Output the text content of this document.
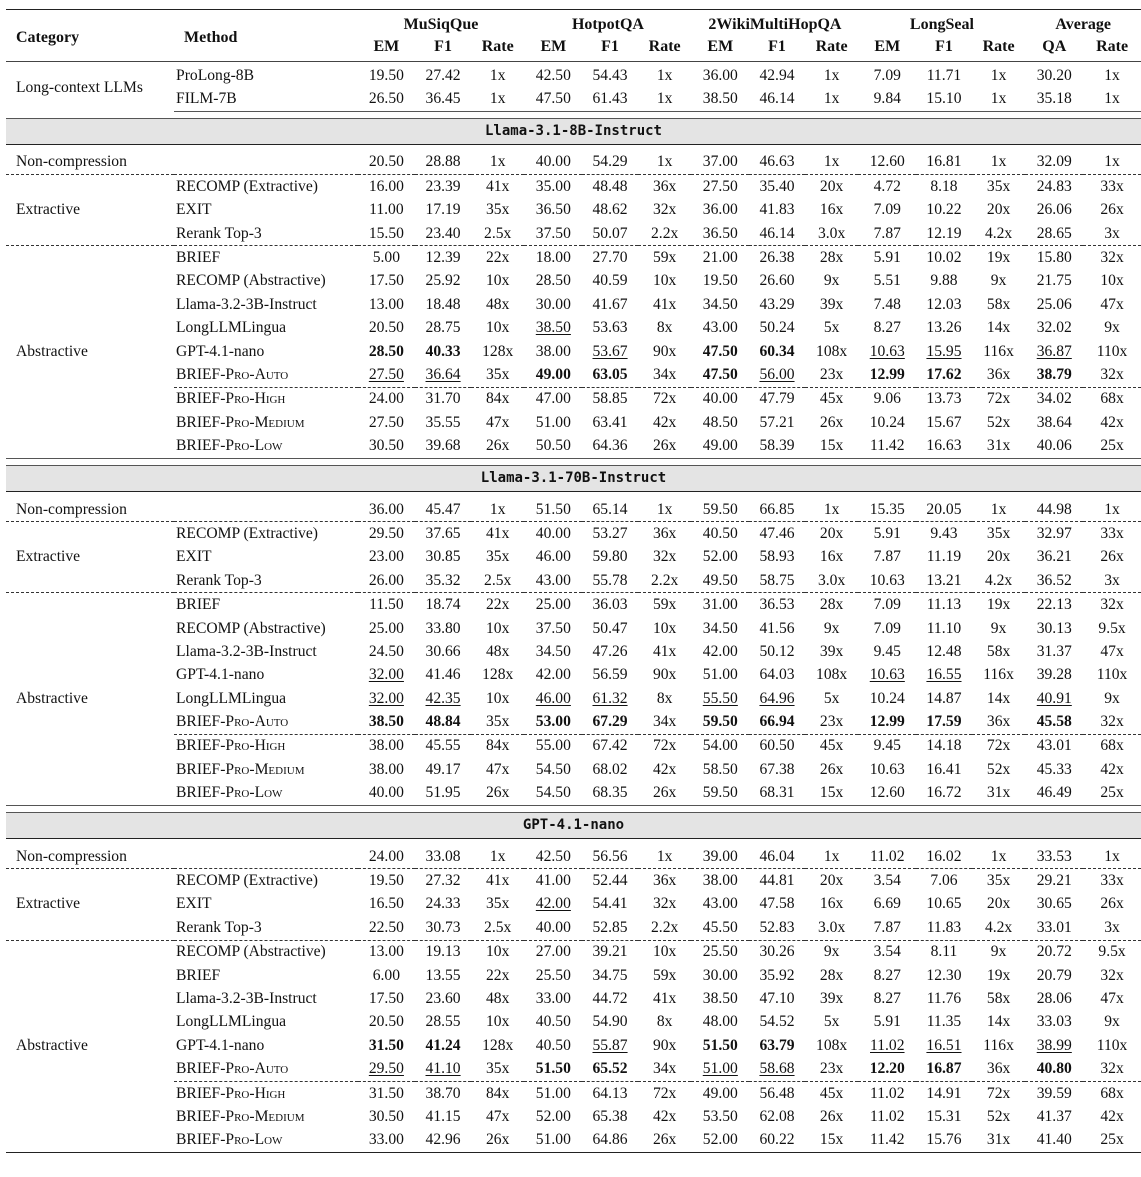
Category	Method	MuSiqQue			HotpotQA			2WikiMultiHopQA			LongSeal			Average	
		EM	F1	Rate	EM	F1	Rate	EM	F1	Rate	EM	F1	Rate	QA	Rate
Long-context LLMs	ProLong-8B	19.50	27.42	1x	42.50	54.43	1x	36.00	42.94	1x	7.09	11.71	1x	30.20	1x
	FILM-7B	26.50	36.45	1x	47.50	61.43	1x	38.50	46.14	1x	9.84	15.10	1x	35.18	1x

Llama-3.1-8B-Instruct															

Non-compression		20.50	28.88	1x	40.00	54.29	1x	37.00	46.63	1x	12.60	16.81	1x	32.09	1x
Extractive	RECOMP (Extractive)	16.00	23.39	41x	35.00	48.48	36x	27.50	35.40	20x	4.72	8.18	35x	24.83	33x
	EXIT	11.00	17.19	35x	36.50	48.62	32x	36.00	41.83	16x	7.09	10.22	20x	26.06	26x
	Rerank Top-3	15.50	23.40	2.5x	37.50	50.07	2.2x	36.50	46.14	3.0x	7.87	12.19	4.2x	28.65	3x
Abstractive	BRIEF	5.00	12.39	22x	18.00	27.70	59x	21.00	26.38	28x	5.91	10.02	19x	15.80	32x
	RECOMP (Abstractive)	17.50	25.92	10x	28.50	40.59	10x	19.50	26.60	9x	5.51	9.88	9x	21.75	10x
	Llama-3.2-3B-Instruct	13.00	18.48	48x	30.00	41.67	41x	34.50	43.29	39x	7.48	12.03	58x	25.06	47x
	LongLLMLingua	20.50	28.75	10x	38.50	53.63	8x	43.00	50.24	5x	8.27	13.26	14x	32.02	9x
	GPT-4.1-nano	28.50	40.33	128x	38.00	53.67	90x	47.50	60.34	108x	10.63	15.95	116x	36.87	110x
	BRIEF-Pro-Auto	27.50	36.64	35x	49.00	63.05	34x	47.50	56.00	23x	12.99	17.62	36x	38.79	32x
	BRIEF-Pro-High	24.00	31.70	84x	47.00	58.85	72x	40.00	47.79	45x	9.06	13.73	72x	34.02	68x
	BRIEF-Pro-Medium	27.50	35.55	47x	51.00	63.41	42x	48.50	57.21	26x	10.24	15.67	52x	38.64	42x
	BRIEF-Pro-Low	30.50	39.68	26x	50.50	64.36	26x	49.00	58.39	15x	11.42	16.63	31x	40.06	25x

Llama-3.1-70B-Instruct															

Non-compression		36.00	45.47	1x	51.50	65.14	1x	59.50	66.85	1x	15.35	20.05	1x	44.98	1x
Extractive	RECOMP (Extractive)	29.50	37.65	41x	40.00	53.27	36x	40.50	47.46	20x	5.91	9.43	35x	32.97	33x
	EXIT	23.00	30.85	35x	46.00	59.80	32x	52.00	58.93	16x	7.87	11.19	20x	36.21	26x
	Rerank Top-3	26.00	35.32	2.5x	43.00	55.78	2.2x	49.50	58.75	3.0x	10.63	13.21	4.2x	36.52	3x
Abstractive	BRIEF	11.50	18.74	22x	25.00	36.03	59x	31.00	36.53	28x	7.09	11.13	19x	22.13	32x
	RECOMP (Abstractive)	25.00	33.80	10x	37.50	50.47	10x	34.50	41.56	9x	7.09	11.10	9x	30.13	9.5x
	Llama-3.2-3B-Instruct	24.50	30.66	48x	34.50	47.26	41x	42.00	50.12	39x	9.45	12.48	58x	31.37	47x
	GPT-4.1-nano	32.00	41.46	128x	42.00	56.59	90x	51.00	64.03	108x	10.63	16.55	116x	39.28	110x
	LongLLMLingua	32.00	42.35	10x	46.00	61.32	8x	55.50	64.96	5x	10.24	14.87	14x	40.91	9x
	BRIEF-Pro-Auto	38.50	48.84	35x	53.00	67.29	34x	59.50	66.94	23x	12.99	17.59	36x	45.58	32x
	BRIEF-Pro-High	38.00	45.55	84x	55.00	67.42	72x	54.00	60.50	45x	9.45	14.18	72x	43.01	68x
	BRIEF-Pro-Medium	38.00	49.17	47x	54.50	68.02	42x	58.50	67.38	26x	10.63	16.41	52x	45.33	42x
	BRIEF-Pro-Low	40.00	51.95	26x	54.50	68.35	26x	59.50	68.31	15x	12.60	16.72	31x	46.49	25x

GPT-4.1-nano															

Non-compression		24.00	33.08	1x	42.50	56.56	1x	39.00	46.04	1x	11.02	16.02	1x	33.53	1x
Extractive	RECOMP (Extractive)	19.50	27.32	41x	41.00	52.44	36x	38.00	44.81	20x	3.54	7.06	35x	29.21	33x
	EXIT	16.50	24.33	35x	42.00	54.41	32x	43.00	47.58	16x	6.69	10.65	20x	30.65	26x
	Rerank Top-3	22.50	30.73	2.5x	40.00	52.85	2.2x	45.50	52.83	3.0x	7.87	11.83	4.2x	33.01	3x
Abstractive	RECOMP (Abstractive)	13.00	19.13	10x	27.00	39.21	10x	25.50	30.26	9x	3.54	8.11	9x	20.72	9.5x
	BRIEF	6.00	13.55	22x	25.50	34.75	59x	30.00	35.92	28x	8.27	12.30	19x	20.79	32x
	Llama-3.2-3B-Instruct	17.50	23.60	48x	33.00	44.72	41x	38.50	47.10	39x	8.27	11.76	58x	28.06	47x
	LongLLMLingua	20.50	28.55	10x	40.50	54.90	8x	48.00	54.52	5x	5.91	11.35	14x	33.03	9x
	GPT-4.1-nano	31.50	41.24	128x	40.50	55.87	90x	51.50	63.79	108x	11.02	16.51	116x	38.99	110x
	BRIEF-Pro-Auto	29.50	41.10	35x	51.50	65.52	34x	51.00	58.68	23x	12.20	16.87	36x	40.80	32x
	BRIEF-Pro-High	31.50	38.70	84x	51.00	64.13	72x	49.00	56.48	45x	11.02	14.91	72x	39.59	68x
	BRIEF-Pro-Medium	30.50	41.15	47x	52.00	65.38	42x	53.50	62.08	26x	11.02	15.31	52x	41.37	42x
	BRIEF-Pro-Low	33.00	42.96	26x	51.00	64.86	26x	52.00	60.22	15x	11.42	15.76	31x	41.40	25x
